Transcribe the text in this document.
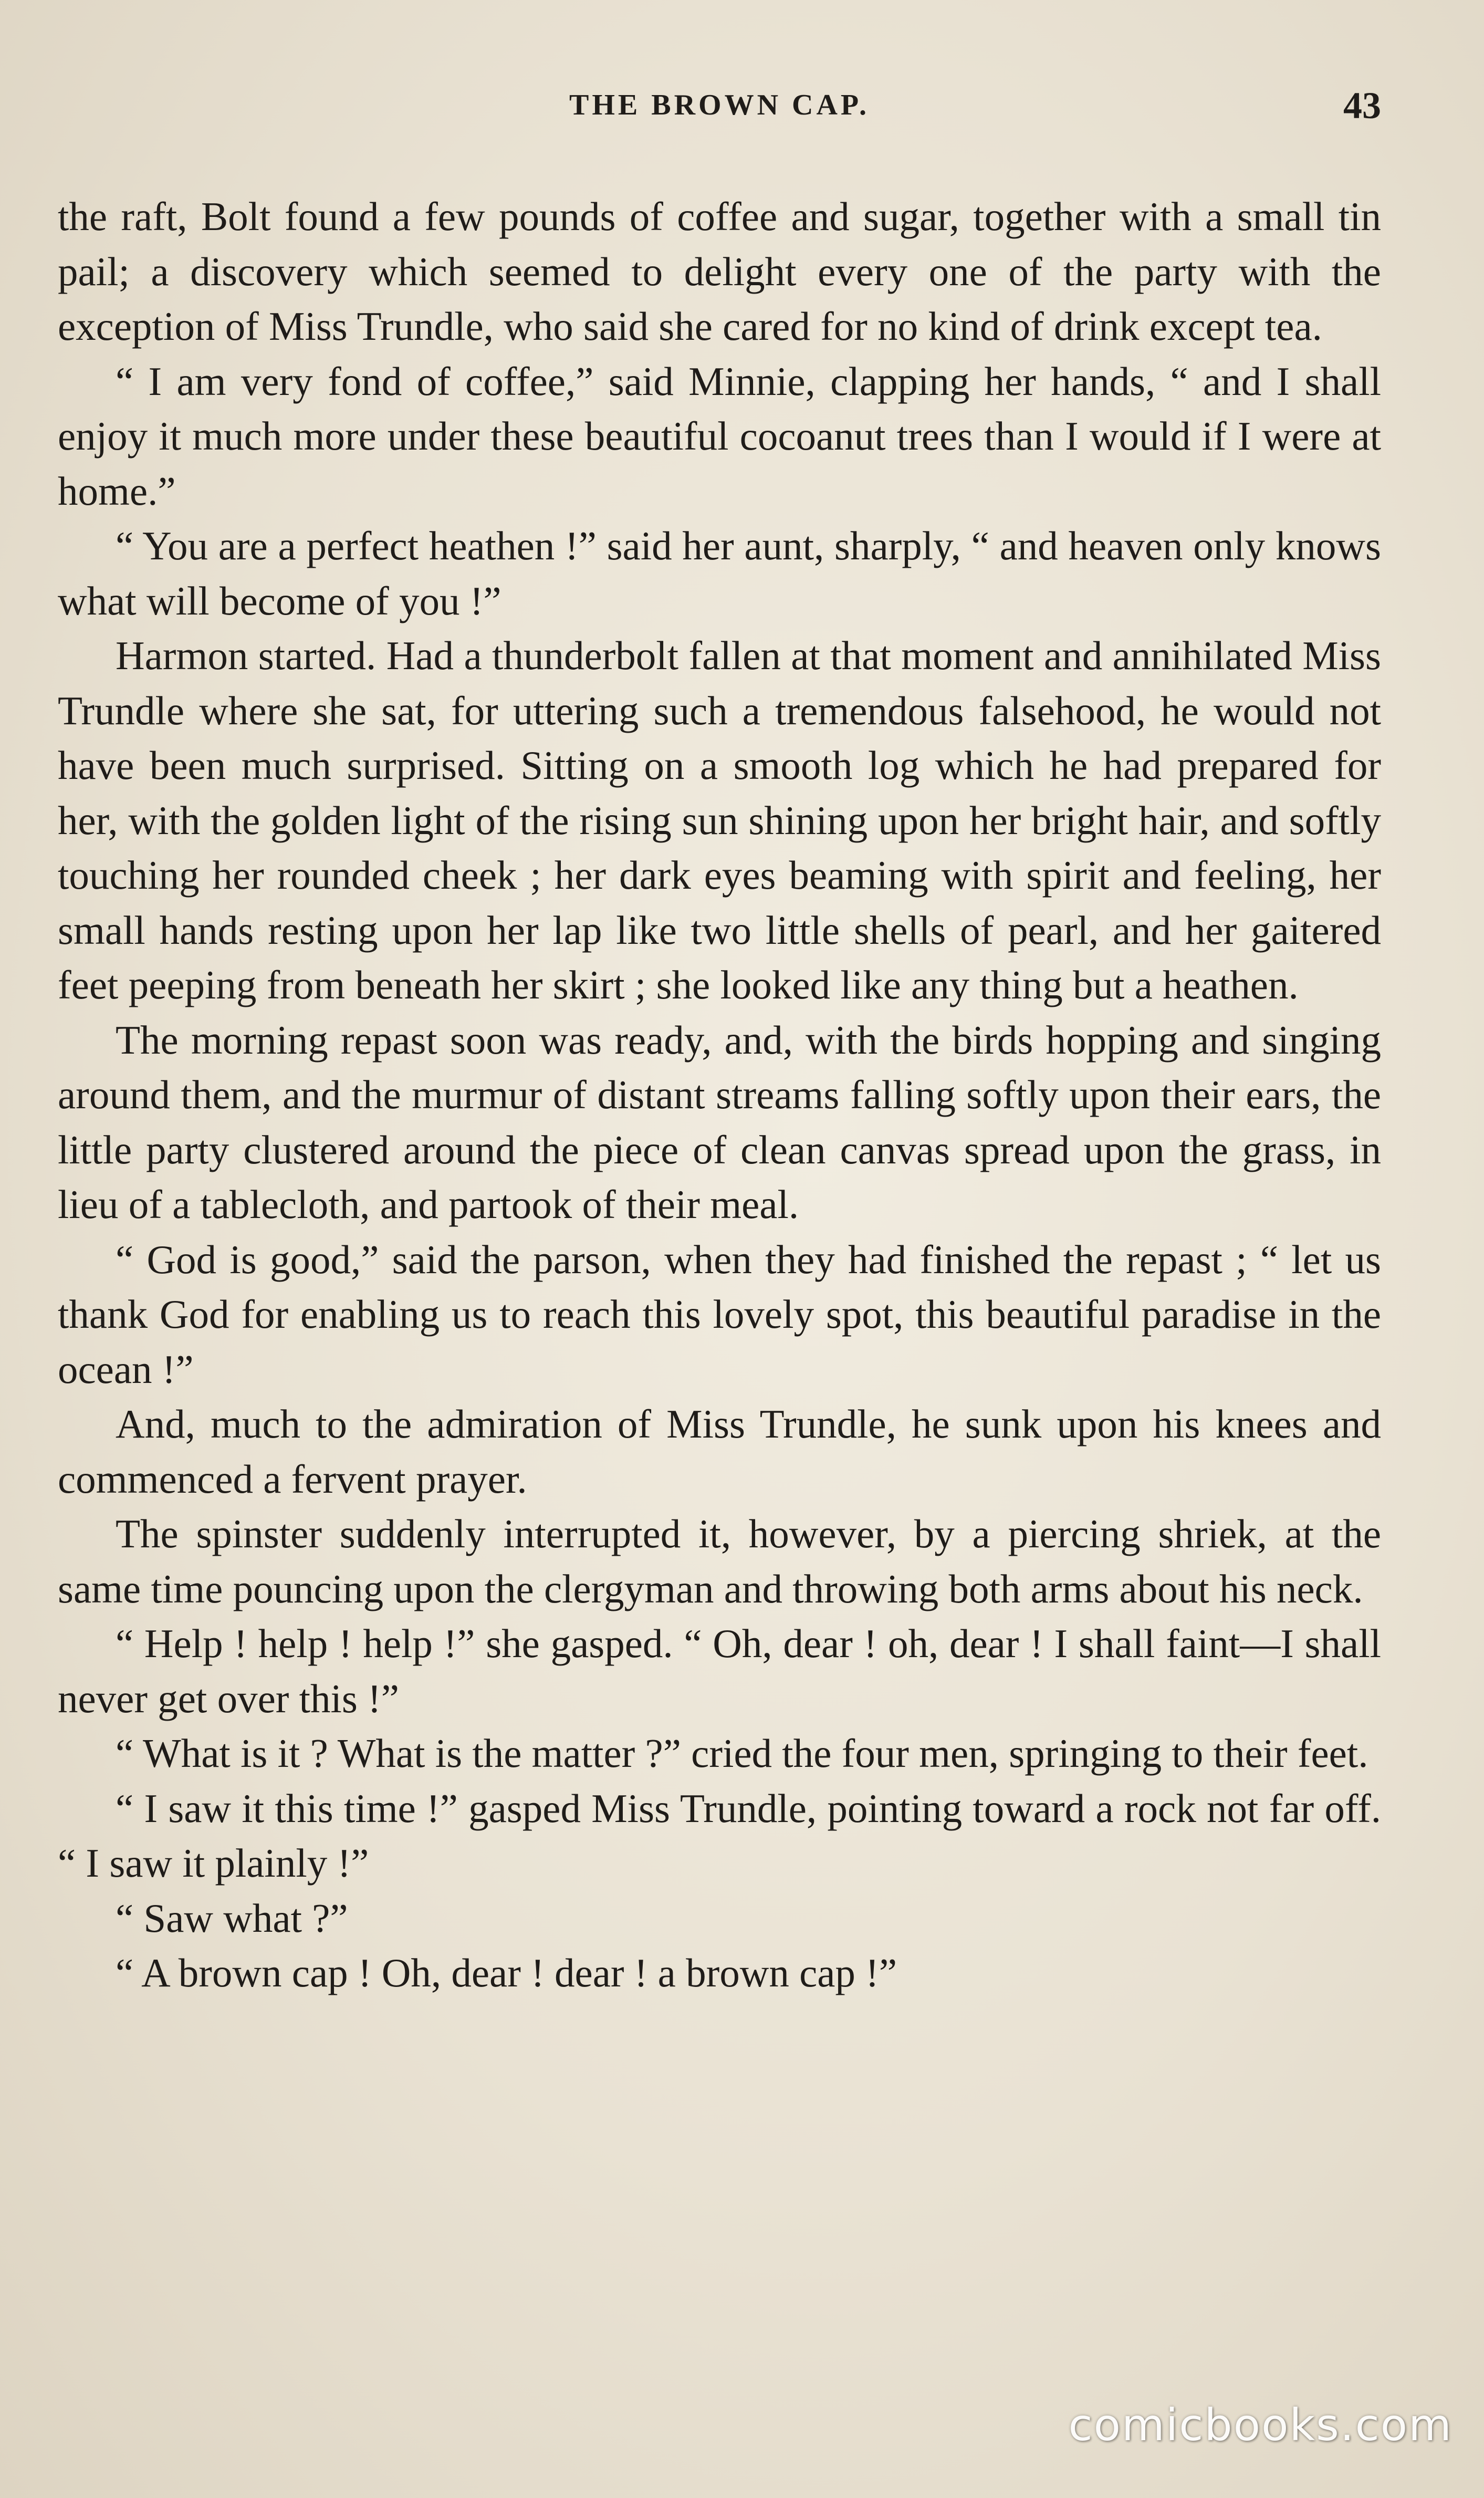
THE BROWN CAP.	43

the raft, Bolt found a few pounds of coffee and sugar, together with a small tin pail; a discovery which seemed to delight every one of the party with the exception of Miss Trundle, who said she cared for no kind of drink except tea.

“ I am very fond of coffee,” said Minnie, clapping her hands, “ and I shall enjoy it much more under these beautiful cocoanut trees than I would if I were at home.”

“ You are a perfect heathen !” said her aunt, sharply, “ and heaven only knows what will become of you !”

Harmon started. Had a thunderbolt fallen at that moment and annihilated Miss Trundle where she sat, for uttering such a tremendous falsehood, he would not have been much surprised. Sitting on a smooth log which he had prepared for her, with the golden light of the rising sun shining upon her bright hair, and softly touching her rounded cheek ; her dark eyes beaming with spirit and feeling, her small hands resting upon her lap like two little shells of pearl, and her gaitered feet peeping from beneath her skirt ; she looked like any thing but a heathen.

The morning repast soon was ready, and, with the birds hopping and singing around them, and the murmur of distant streams falling softly upon their ears, the little party clustered around the piece of clean canvas spread upon the grass, in lieu of a tablecloth, and partook of their meal.

“ God is good,” said the parson, when they had finished the repast ; “ let us thank God for enabling us to reach this lovely spot, this beautiful paradise in the ocean !”

And, much to the admiration of Miss Trundle, he sunk upon his knees and commenced a fervent prayer.

The spinster suddenly interrupted it, however, by a piercing shriek, at the same time pouncing upon the clergyman and throwing both arms about his neck.

“ Help ! help ! help !” she gasped. “ Oh, dear ! oh, dear ! I shall faint—I shall never get over this !”

“ What is it ? What is the matter ?” cried the four men, springing to their feet.

“ I saw it this time !” gasped Miss Trundle, pointing toward a rock not far off. “ I saw it plainly !”

“ Saw what ?”

“ A brown cap ! Oh, dear ! dear ! a brown cap !”

comicbooks.com
